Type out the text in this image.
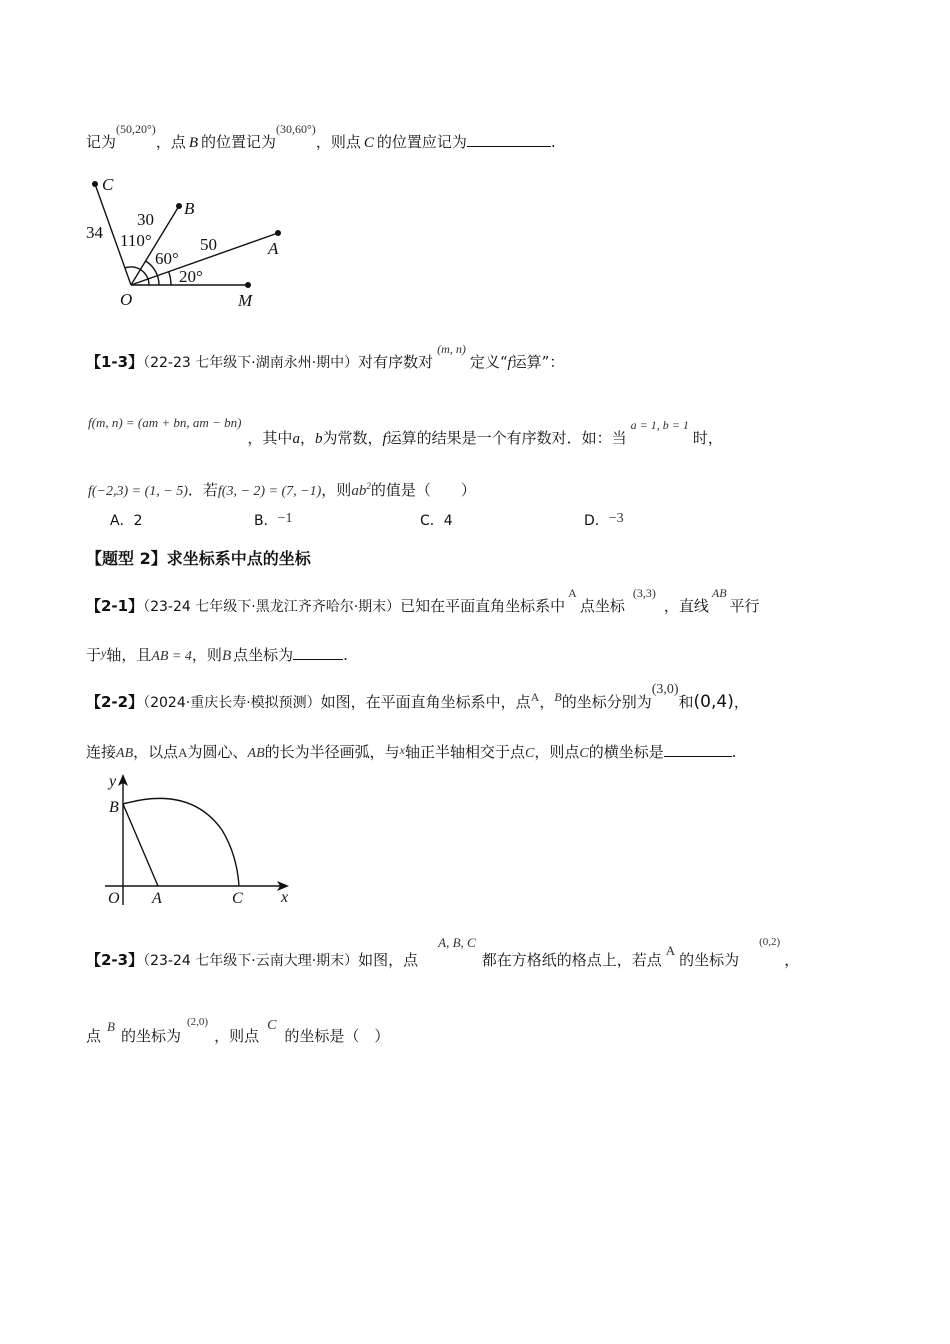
记为$^{(50,20^\circ)}$，点 B 的位置记为$^{(30,60^\circ)}$，则点 C 的位置应记为	.
O	M
A
B
C
50
30
34 110°
60°
20°
【1-3】（22-23 七年级下·湖南永州·期中）对有序数对$^{(m, n)}$定义“f运算”：
f(m, n) = (am + bn, am − bn)，其中a，b为常数，f运算的结果是一个有序数对．如：当$^{a = 1, b = 1}$时，
f(−2,3) = (1, − 5)．若f(3, − 2) = (7, −1)，则$ab^2$的值是（　　）
A．2	B．−1	C．4	D．−3
【题型 2】求坐标系中点的坐标
【2-1】（23-24 七年级下·黑龙江齐齐哈尔·期末）已知在平面直角坐标系中$^A$点坐标$^{(3,3)}$，直线$^{AB}$平行
于$^y$轴，且AB = 4，则B 点坐标为	.
【2-2】（2024·重庆长寿·模拟预测）如图，在平面直角坐标系中，点$^A$，$^B$的坐标分别为(3,0)和(0,4)，
连接AB，以点A为圆心、AB的长为半径画弧，与$^x$轴正半轴相交于点C，则点C的横坐标是	.
y
x
O A
B
C
【2-3】（23-24 七年级下·云南大理·期末）如图，点A, B, C都在方格纸的格点上，若点A的坐标为$^{(0,2)}$，
点B的坐标为$^{(2,0)}$，则点C的坐标是（　）
